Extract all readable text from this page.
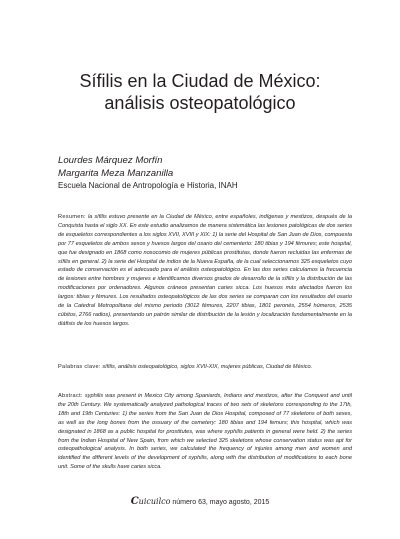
Sífilis en la Ciudad de México:
análisis osteopatológico
Lourdes Márquez Morfín
Margarita Meza Manzanilla
Escuela Nacional de Antropología e Historia, INAH

Resumen: la sífilis estuvo presente en la Ciudad de México, entre españoles, indígenas y mestizos, después de la Conquista hasta el siglo XX. En este estudio analizamos de manera sistemática las lesiones patológicas de dos series de esqueletos correspondientes a los siglos XVII, XVIII y XIX: 1) la serie del Hospital de San Juan de Dios, compuesta por 77 esqueletos de ambos sexos y huesos largos del osario del cementerio: 180 tibias y 194 fémures; este hospital, que fue designado en 1868 como nosocomio de mujeres públicas prostitutas, donde fueron recluidas las enfermas de sífilis en general. 2) la serie del Hospital de indios de la Nueva España, de la cual seleccionamos 325 esqueletos cuyo estado de conservación es el adecuado para el análisis osteopatológico. En las dos series calculamos la frecuencia de lesiones entre hombres y mujeres e identificamos diversos grados de desarrollo de la sífilis y la distribución de las modificaciones por ordenadores. Algunos cráneos presentan caries sicca. Los huesos más afectados fueron los largos: tibias y fémures. Los resultados osteopatológicos de las dos series se comparan con los resultados del osario de la Catedral Metropolitana del mismo periodo (3012 fémures, 2207 tibias, 1801 peronés, 2554 húmeros, 2535 cúbitos, 2766 radios), presentando un patrón similar de distribución de la lesión y localización fundamentalmente en la diáfisis de los huesos largos.

Palabras clave: sífilis, análisis osteopatológico, siglos XVII-XIX, mujeres públicas, Ciudad de México.

Abstract: syphilis was present in Mexico City among Spaniards, Indians and mestizos, after the Conquest and until the 20th Century. We systematically analyzed pathological traces of two sets of skeletons corresponding to the 17th, 18th and 19th Centuries: 1) the series from the San Juan de Dios Hospital, composed of 77 skeletons of both sexes, as well as the long bones from the ossuary of the cemetery: 180 tibias and 194 femurs; this hospital, which was designated in 1868 as a public hospital for prostitutes, was where syphilis patients in general were held. 2) the series from the Indian Hospital of New Spain, from which we selected 325 skeletons whose conservation status was apt for osteopathological analysis. In both series, we calculated the frequency of injuries among men and women and identified the different levels of the development of syphilis, along with the distribution of modifications to each bone unit. Some of the skulls have caries sicca.

Cuicuilco número 63, mayo agosto, 2015
